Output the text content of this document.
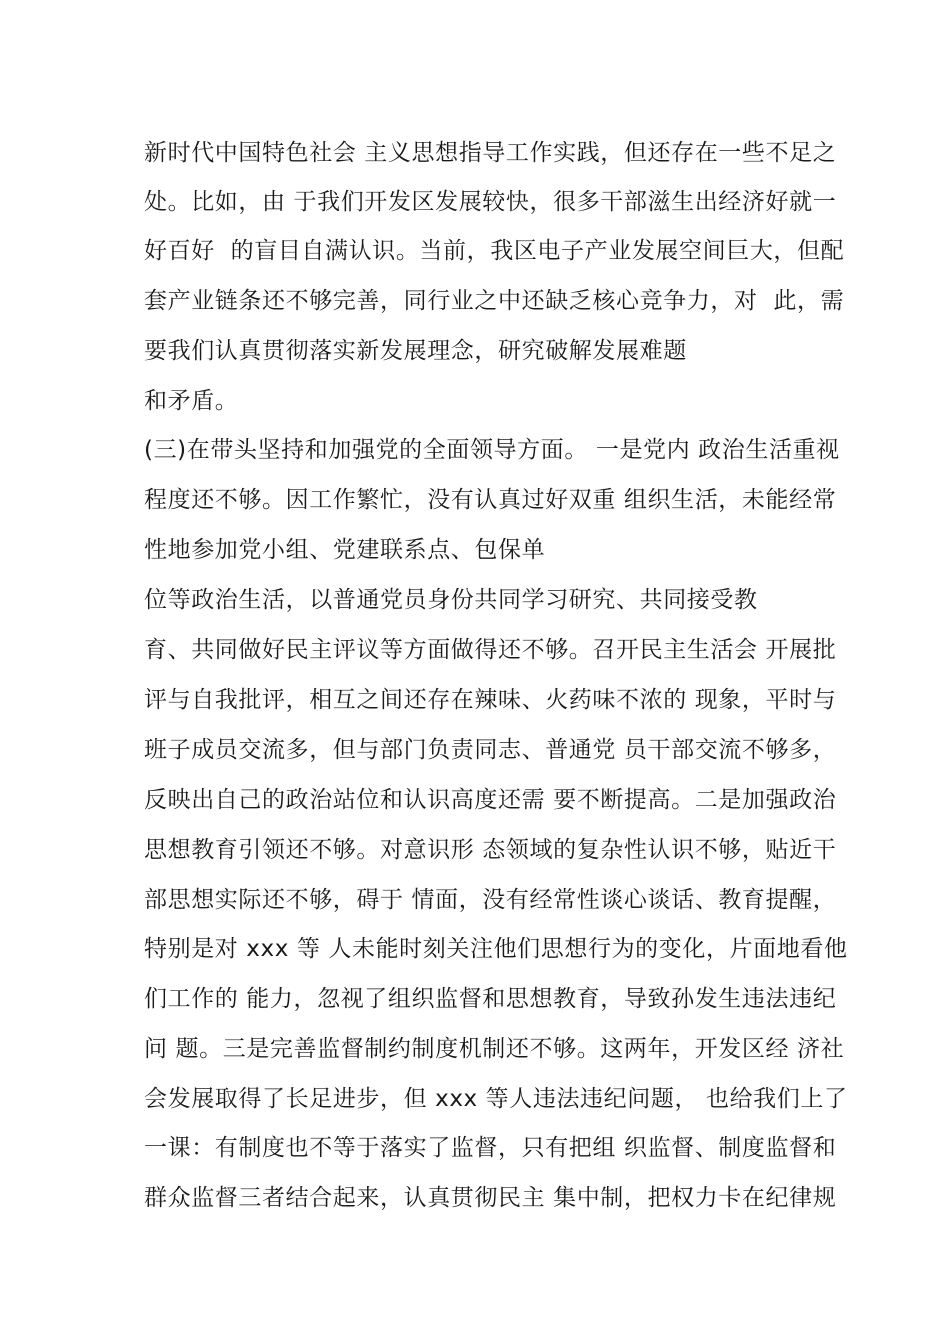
新时代中国特色社会 主义思想指导工作实践，但还存在一些不足之
处。比如，由 于我们开发区发展较快，很多干部滋生出经济好就一
好百好  的盲目自满认识。当前，我区电子产业发展空间巨大，但配
套产业链条还不够完善，同行业之中还缺乏核心竞争力，对  此，需
要我们认真贯彻落实新发展理念，研究破解发展难题
和矛盾。
(三)在带头坚持和加强党的全面领导方面。 一是党内 政治生活重视
程度还不够。因工作繁忙，没有认真过好双重 组织生活，未能经常
性地参加党小组、党建联系点、包保单
位等政治生活，以普通党员身份共同学习研究、共同接受教
育、共同做好民主评议等方面做得还不够。召开民主生活会 开展批
评与自我批评，相互之间还存在辣味、火药味不浓的 现象，平时与
班子成员交流多，但与部门负责同志、普通党 员干部交流不够多，
反映出自己的政治站位和认识高度还需 要不断提高。二是加强政治
思想教育引领还不够。对意识形 态领域的复杂性认识不够，贴近干
部思想实际还不够，碍于 情面，没有经常性谈心谈话、教育提醒，
特别是对 xxx 等 人未能时刻关注他们思想行为的变化，片面地看他
们工作的 能力，忽视了组织监督和思想教育，导致孙发生违法违纪
问 题。三是完善监督制约制度机制还不够。这两年，开发区经 济社
会发展取得了长足进步，但 xxx 等人违法违纪问题， 也给我们上了
一课：有制度也不等于落实了监督，只有把组 织监督、制度监督和
群众监督三者结合起来，认真贯彻民主 集中制，把权力卡在纪律规
